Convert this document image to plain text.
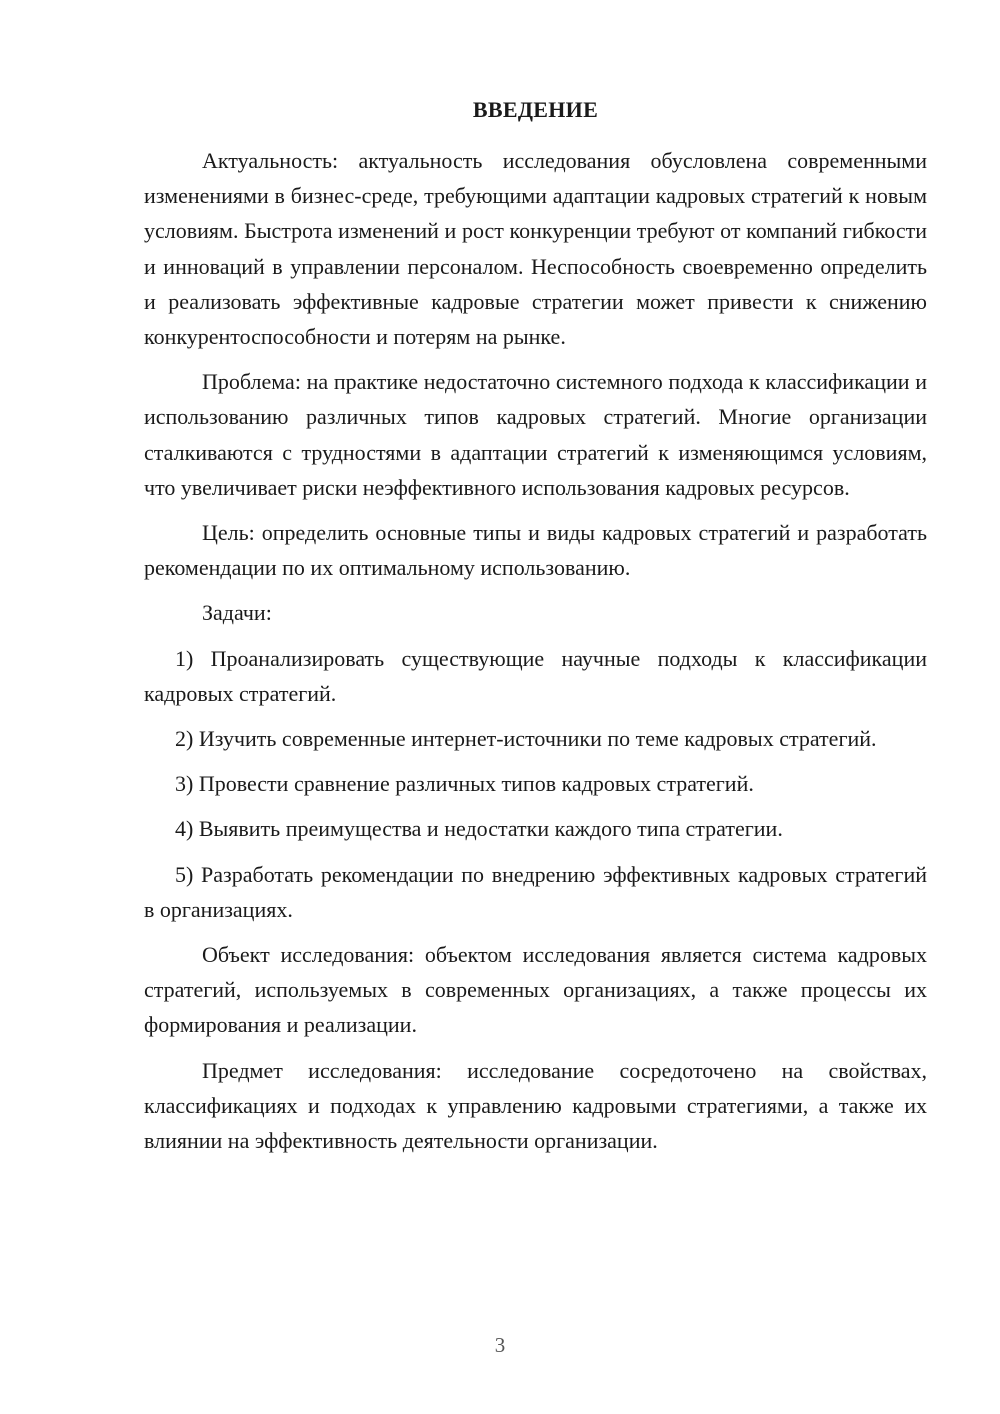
ВВЕДЕНИЕ

Актуальность: актуальность исследования обусловлена современными изменениями в бизнес-среде, требующими адаптации кадровых стратегий к новым условиям. Быстрота изменений и рост конкуренции требуют от компаний гибкости и инноваций в управлении персоналом. Неспособность своевременно определить и реализовать эффективные кадровые стратегии может привести к снижению конкурентоспособности и потерям на рынке.

Проблема: на практике недостаточно системного подхода к классификации и использованию различных типов кадровых стратегий. Многие организации сталкиваются с трудностями в адаптации стратегий к изменяющимся условиям, что увеличивает риски неэффективного использования кадровых ресурсов.

Цель: определить основные типы и виды кадровых стратегий и разработать рекомендации по их оптимальному использованию.

Задачи:

1) Проанализировать существующие научные подходы к классификации кадровых стратегий.

2) Изучить современные интернет-источники по теме кадровых стратегий.

3) Провести сравнение различных типов кадровых стратегий.

4) Выявить преимущества и недостатки каждого типа стратегии.

5) Разработать рекомендации по внедрению эффективных кадровых стратегий в организациях.

Объект исследования: объектом исследования является система кадровых стратегий, используемых в современных организациях, а также процессы их формирования и реализации.

Предмет исследования: исследование сосредоточено на свойствах, классификациях и подходах к управлению кадровыми стратегиями, а также их влиянии на эффективность деятельности организации.

3
